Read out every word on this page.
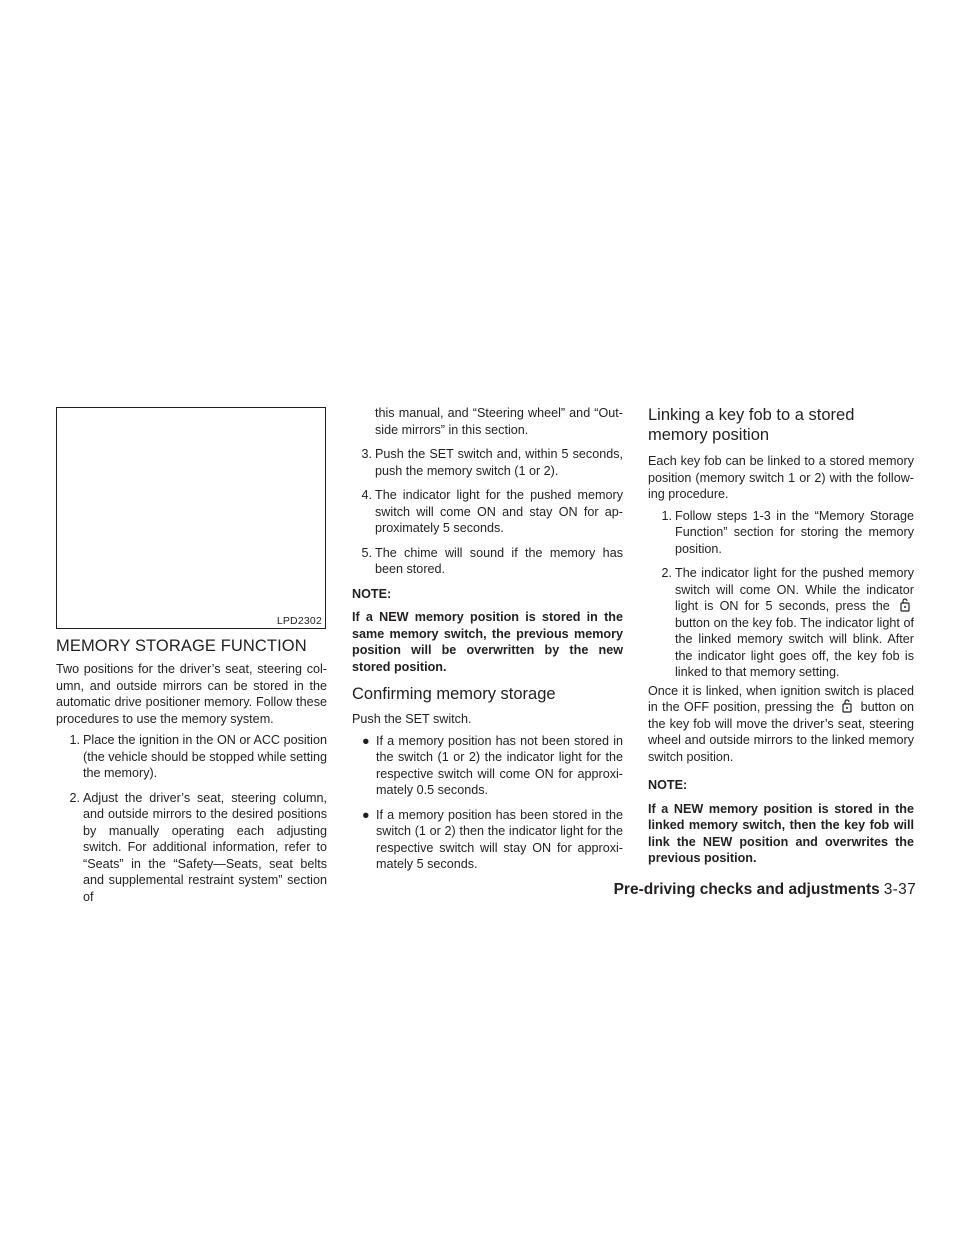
LPD2302
MEMORY STORAGE FUNCTION

Two positions for the driver’s seat, steering col-umn, and outside mirrors can be stored in the automatic drive positioner memory. Follow these procedures to use the memory system.

1. Place the ignition in the ON or ACC position (the vehicle should be stopped while setting the memory).
2. Adjust the driver’s seat, steering column, and outside mirrors to the desired positions by manually operating each adjusting switch. For additional information, refer to “Seats” in the “Safety—Seats, seat belts and supplemental restraint system” section of
this manual, and “Steering wheel” and “Out-side mirrors” in this section.
3. Push the SET switch and, within 5 seconds, push the memory switch (1 or 2).
4. The indicator light for the pushed memory switch will come ON and stay ON for ap-proximately 5 seconds.
5. The chime will sound if the memory has been stored.
NOTE:

If a NEW memory position is stored in the same memory switch, the previous memory position will be overwritten by the new stored position.

Confirming memory storage

Push the SET switch.

● If a memory position has not been stored in the switch (1 or 2) the indicator light for the respective switch will come ON for approxi-mately 0.5 seconds.
● If a memory position has been stored in the switch (1 or 2) then the indicator light for the respective switch will stay ON for approxi-mately 5 seconds.
Linking a key fob to a stored memory position

Each key fob can be linked to a stored memory position (memory switch 1 or 2) with the follow-ing procedure.

1. Follow steps 1-3 in the “Memory Storage Function” section for storing the memory position.
2. The indicator light for the pushed memory switch will come ON. While the indicator light is ON for 5 seconds, press the  button on the key fob. The indicator light of the linked memory switch will blink. After the indicator light goes off, the key fob is linked to that memory setting.

Once it is linked, when ignition switch is placed in the OFF position, pressing the button on the key fob will move the driver’s seat, steering wheel and outside mirrors to the linked memory switch position.

NOTE:

If a NEW memory position is stored in the linked memory switch, then the key fob will link the NEW position and overwrites the previous position.

Pre-driving checks and adjustments 3-37
